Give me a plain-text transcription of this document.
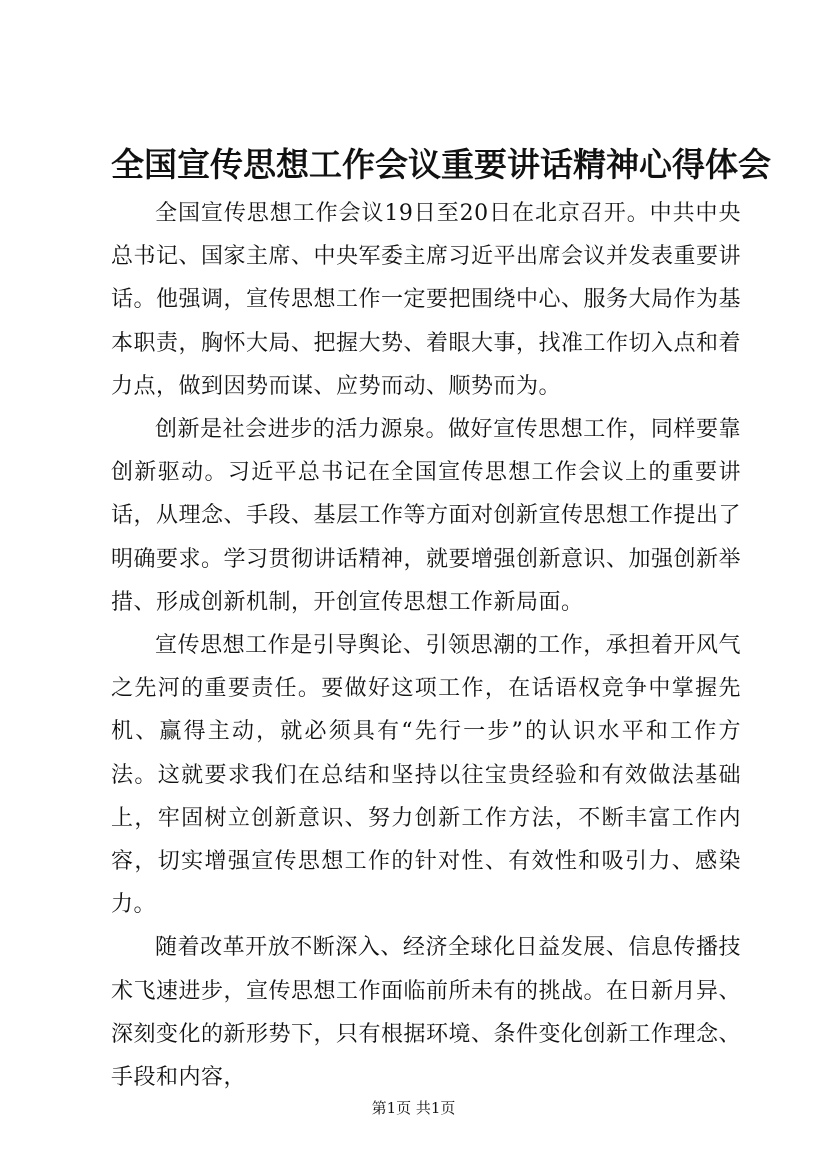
全国宣传思想工作会议重要讲话精神心得体会

全国宣传思想工作会议19日至20日在北京召开。中共中央总书记、国家主席、中央军委主席习近平出席会议并发表重要讲话。他强调，宣传思想工作一定要把围绕中心、服务大局作为基本职责，胸怀大局、把握大势、着眼大事，找准工作切入点和着力点，做到因势而谋、应势而动、顺势而为。

创新是社会进步的活力源泉。做好宣传思想工作，同样要靠创新驱动。习近平总书记在全国宣传思想工作会议上的重要讲话，从理念、手段、基层工作等方面对创新宣传思想工作提出了明确要求。学习贯彻讲话精神，就要增强创新意识、加强创新举措、形成创新机制，开创宣传思想工作新局面。

宣传思想工作是引导舆论、引领思潮的工作，承担着开风气之先河的重要责任。要做好这项工作，在话语权竞争中掌握先机、赢得主动，就必须具有“先行一步”的认识水平和工作方法。这就要求我们在总结和坚持以往宝贵经验和有效做法基础上，牢固树立创新意识、努力创新工作方法，不断丰富工作内容，切实增强宣传思想工作的针对性、有效性和吸引力、感染力。

随着改革开放不断深入、经济全球化日益发展、信息传播技术飞速进步，宣传思想工作面临前所未有的挑战。在日新月异、深刻变化的新形势下，只有根据环境、条件变化创新工作理念、手段和内容，

第1页 共1页
